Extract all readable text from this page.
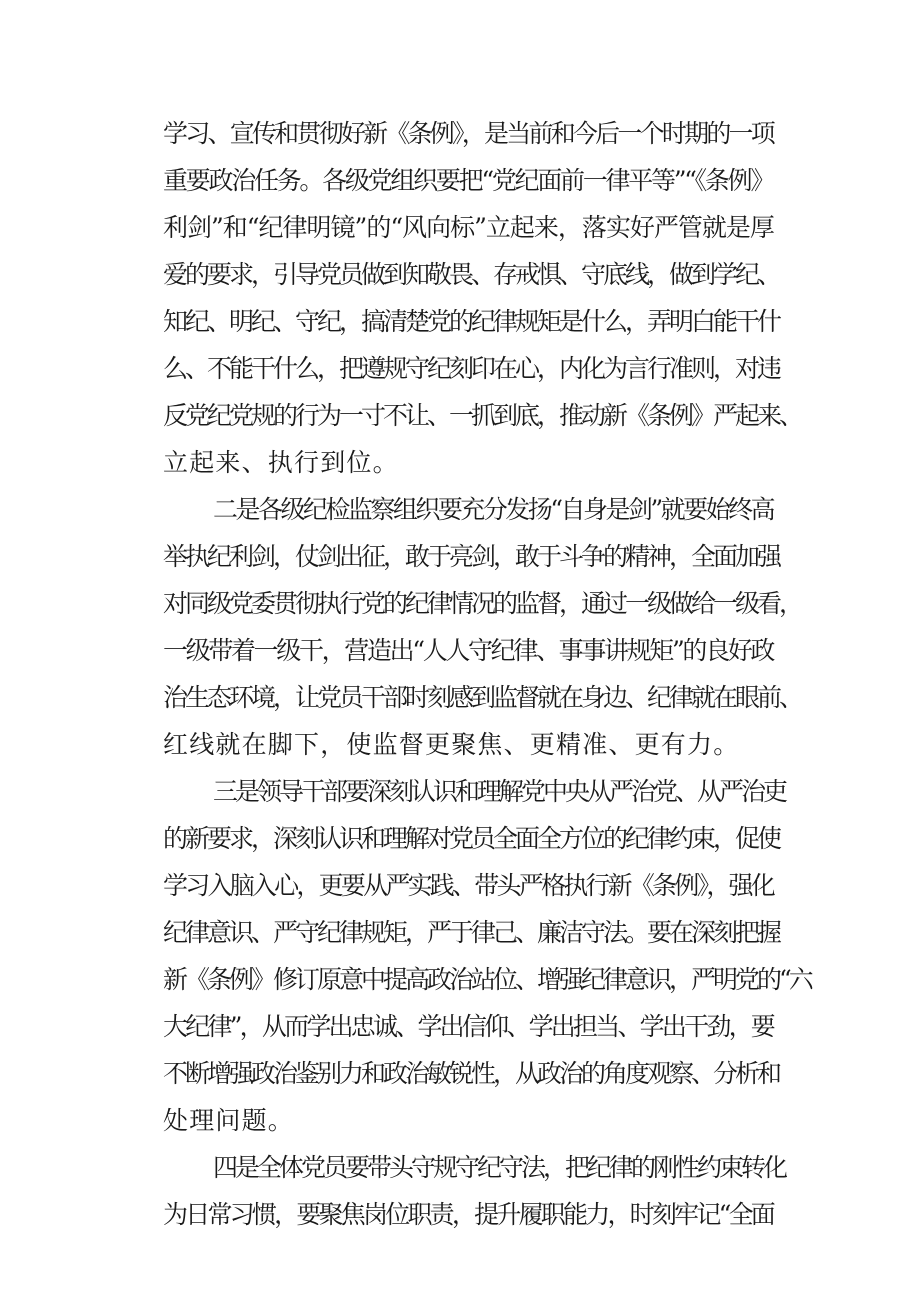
学习、宣传和贯彻好新《条例》，是当前和今后一个时期的一项
重要政治任务。各级党组织要把“党纪面前一律平等”“《条例》
利剑”和“纪律明镜”的“风向标”立起来，落实好严管就是厚
爱的要求，引导党员做到知敬畏、存戒惧、守底线，做到学纪、
知纪、明纪、守纪，搞清楚党的纪律规矩是什么，弄明白能干什
么、不能干什么，把遵规守纪刻印在心，内化为言行准则，对违
反党纪党规的行为一寸不让、一抓到底，推动新《条例》严起来、
立起来、执行到位。
二是各级纪检监察组织要充分发扬“自身是剑”就要始终高
举执纪利剑，仗剑出征，敢于亮剑，敢于斗争的精神，全面加强
对同级党委贯彻执行党的纪律情况的监督，通过一级做给一级看，
一级带着一级干，营造出“人人守纪律、事事讲规矩”的良好政
治生态环境，让党员干部时刻感到监督就在身边、纪律就在眼前、
红线就在脚下，使监督更聚焦、更精准、更有力。
三是领导干部要深刻认识和理解党中央从严治党、从严治吏
的新要求，深刻认识和理解对党员全面全方位的纪律约束，促使
学习入脑入心，更要从严实践、带头严格执行新《条例》，强化
纪律意识、严守纪律规矩，严于律己、廉洁守法。要在深刻把握
新《条例》修订原意中提高政治站位、增强纪律意识，严明党的“六
大纪律”，从而学出忠诚、学出信仰、学出担当、学出干劲，要
不断增强政治鉴别力和政治敏锐性，从政治的角度观察、分析和
处理问题。
四是全体党员要带头守规守纪守法，把纪律的刚性约束转化
为日常习惯，要聚焦岗位职责，提升履职能力，时刻牢记“全面
